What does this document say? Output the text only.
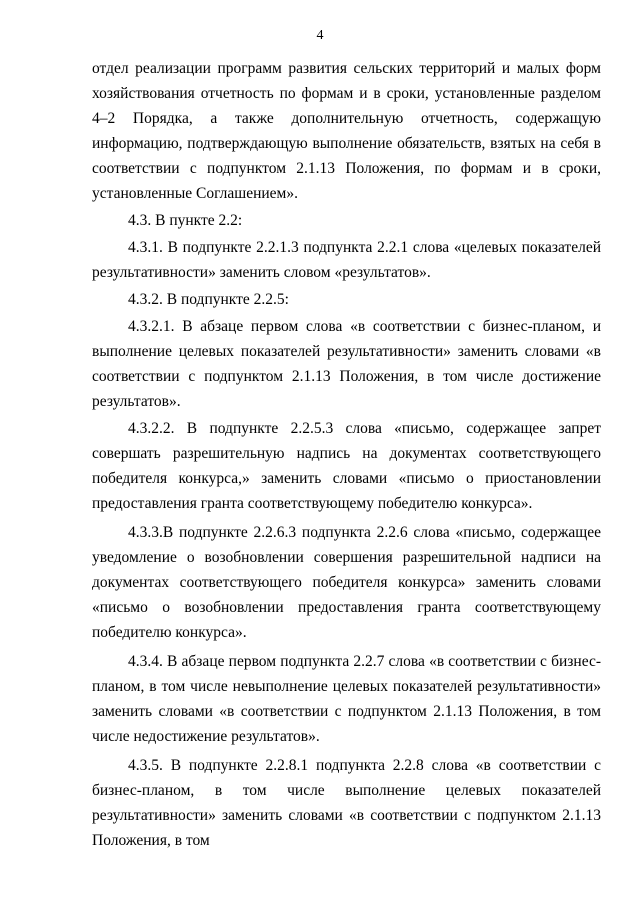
4

отдел реализации программ развития сельских территорий и малых форм хозяйствования отчетность по формам и в сроки, установленные разделом 4–2 Порядка, а также дополнительную отчетность, содержащую информацию, подтверждающую выполнение обязательств, взятых на себя в соответствии с подпунктом 2.1.13 Положения, по формам и в сроки, установленные Соглашением».

4.3. В пункте 2.2:

4.3.1. В подпункте 2.2.1.3 подпункта 2.2.1 слова «целевых показателей результативности» заменить словом «результатов».

4.3.2. В подпункте 2.2.5:

4.3.2.1. В абзаце первом слова «в соответствии с бизнес-планом, и выполнение целевых показателей результативности» заменить словами «в соответствии с подпунктом 2.1.13 Положения, в том числе достижение результатов».

4.3.2.2. В подпункте 2.2.5.3 слова «письмо, содержащее запрет совершать разрешительную надпись на документах соответствующего победителя конкурса,» заменить словами «письмо о приостановлении предоставления гранта соответствующему победителю конкурса».

4.3.3.В подпункте 2.2.6.3 подпункта 2.2.6 слова «письмо, содержащее уведомление о возобновлении совершения разрешительной надписи на документах соответствующего победителя конкурса» заменить словами «письмо о возобновлении предоставления гранта соответствующему победителю конкурса».

4.3.4. В абзаце первом подпункта 2.2.7 слова «в соответствии с бизнес-планом, в том числе невыполнение целевых показателей результативности» заменить словами «в соответствии с подпунктом 2.1.13 Положения, в том числе недостижение результатов».

4.3.5. В подпункте 2.2.8.1 подпункта 2.2.8 слова «в соответствии с бизнес-планом, в том числе выполнение целевых показателей результативности» заменить словами «в соответствии с подпунктом 2.1.13 Положения, в том
